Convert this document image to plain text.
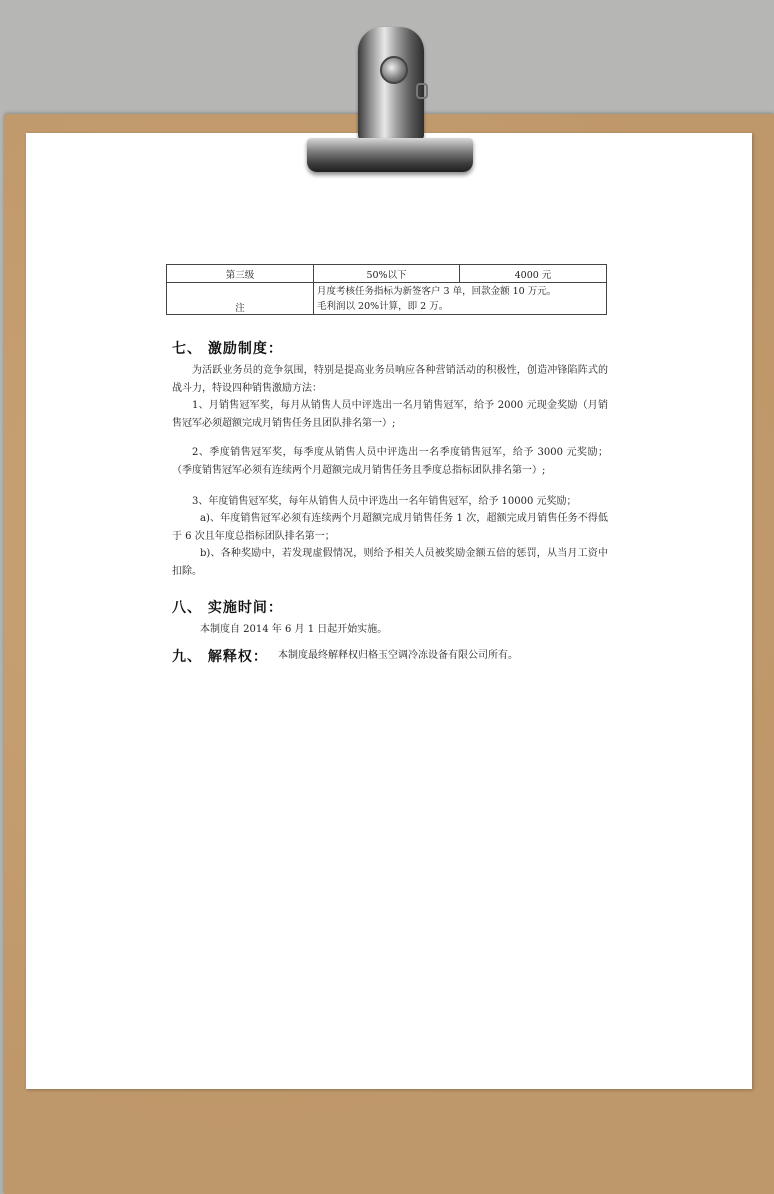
第三级	50%以下	4000 元
注	月度考核任务指标为新签客户 3 单，回款金额 10 万元。
毛利润以 20%计算，即 2 万。	
七、 激励制度：
为活跃业务员的竞争氛围，特别是提高业务员响应各种营销活动的积极性，创造冲锋陷阵式的战斗力，特设四种销售激励方法：
1、月销售冠军奖，每月从销售人员中评选出一名月销售冠军，给予 2000 元现金奖励（月销售冠军必须超额完成月销售任务且团队排名第一）;
2、季度销售冠军奖，每季度从销售人员中评选出一名季度销售冠军，给予 3000 元奖励； （季度销售冠军必须有连续两个月超额完成月销售任务且季度总指标团队排名第一）;
3、年度销售冠军奖，每年从销售人员中评选出一名年销售冠军，给予 10000 元奖励；
a)、年度销售冠军必须有连续两个月超额完成月销售任务 1 次，超额完成月销售任务不得低于 6 次且年度总指标团队排名第一；
b)、各种奖励中，若发现虚假情况，则给予相关人员被奖励金额五倍的惩罚，从当月工资中扣除。
八、 实施时间：
本制度自 2014 年 6 月 1 日起开始实施。
九、 解释权： 本制度最终解释权归格玉空调冷冻设备有限公司所有。
